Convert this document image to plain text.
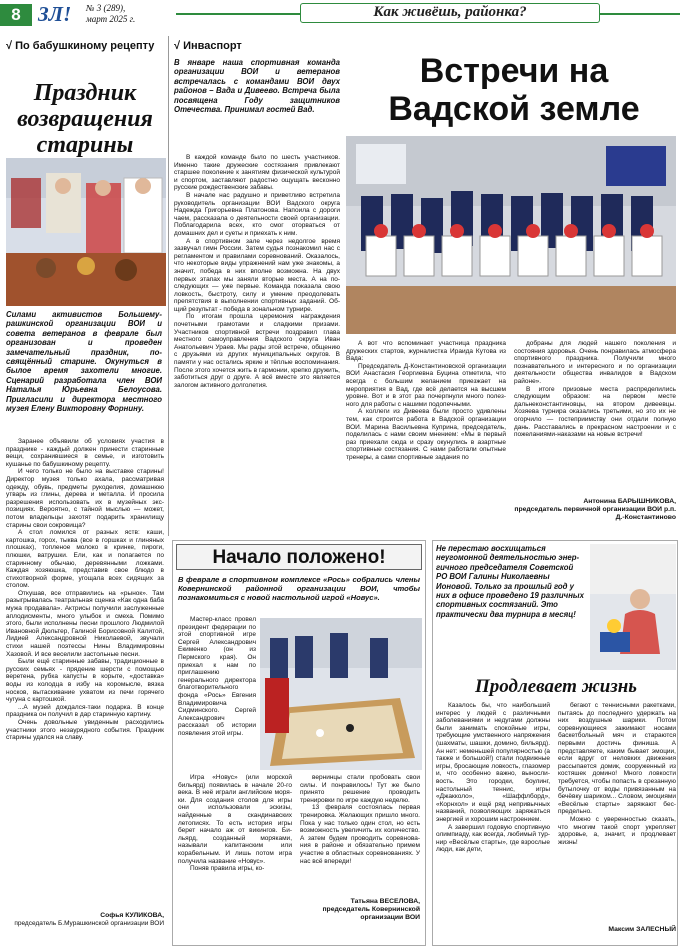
8 ЗЛ! № 3 (289),
март 2025 г.	Как живёшь, районка?
√ По бабушкиному рецепту
Праздник возвращения старины
Силами активистов Большемурашкинской организации ВОИ и совета ветеранов в феврале был организован и проведен замечательный праздник, посвящённый старине. Окунуться в былое время захотели многие. Сценарий разработала член ВОИ Наталья Юрьевна Белоусова. Пригласили и директора местного музея Елену Викторовну Форнину.

Заранее объявили об условиях участия в празднике - каждый должен принести старинные вещи, сохранившиеся в семье, и изготовить кушанье по бабушкиному рецепту.

И чего только не было на выставке старины! Директор музея только ахала, рассматривая одежду, обувь, предметы рукоделия, домашнюю утварь из глины, дерева и металла. И просила разрешения использовать их в музейных экспозициях. Вероятно, с тайной мыслью — может, потом владельцы захотят подарить хранилищу старины свои сокровища?

А стол ломился от разных яств: каши, картошка, горох, тыква (все в горшках и глиняных плошках), топленое молоко в кринке, пироги, плюшки, ватрушки. Ели, как и полагается по старинному обычаю, деревянными ложками. Каждая хозяюшка, представив свое блюдо в стихотворной форме, угощала всех сидящих за столом.

Откушав, все отправились на «рынок». Там разыгрывалась театральная сценка «Как одна баба мужа продавала». Актрисы получили заслуженные аплодисменты, много улыбок и смеха. Помимо этого, были исполнены песни прошлого Людмилой Ивановной Дюльтер, Галиной Борисовной Калитой, Лидией Александровной Николаевой, звучали стихи нашей поэтессы Нины Владимировны Хазовой. И все веселили застольные песни.

Были ещё старинные забавы, традиционные в русских семьях - прядение шерсти с помощью веретена, рубка капусты в корыте, «доставка» воды из колодца в избу на коромысле, вязка носков, вытаскивание ухватом из печи горячего чугуна с картошкой.

...А музей дождался-таки подарка. В конце праздника он получил в дар старинную картину.

Очень довольные увиденным расходились участники этого незаурядного события. Праздник старины удался на славу.

Софья КУЛИКОВА,
председатель Б.Мурашкинской организации ВОИ
√ Инваспорт
В январе наша спортивная команда организации ВОИ и ветеранов встречалась с командами ВОИ двух районов – Вада и Дивеево. Встреча была посвящена Году защитников Отечества. Принимал гостей Вад.
Встречи на Вадской земле

В каждой команде было по шесть участников. Именно такие дружеские состязания привлекают старшее поколение к занятиям физической культурой и спортом, заставляют радостно ощущать весконно русские рождественские забавы.

В начале нас радушно и приветливо встретила руководитель организации ВОИ Вадского округа Надежда Григорьевна Платонова. Напоила с дороги чаем, рассказала о деятельности своей организации. Поблагодарила всех, кто смог оторваться от домашних дел и суеты и приехать к ним.

А в спортивном зале через недолгое время зазвучал гимн России. Затем судья познакомил нас с регламентом и правилами соревнований. Оказалось, что некоторые виды упражнений нам уже знакомы, а значит, победа в них вполне возможна. На двух первых этапах мы заняли вторые места. А на последующих — уже первые. Команда показала свою ловкость, быстроту, силу и умение преодолевать препятствия в выполнении спортивных заданий. Общий результат - победа в зональном турнире.

По итогам прошла церемония награждения почетными грамотами и сладкими призами. Участников спортивной встречи поздравил глава местного самоуправления Вадского округа Иван Анатольевич Ураев. Мы рады этой встрече, общению с друзьями из других муниципальных округов. В памяти у нас остались яркие и тёплые воспоминания. После этого хочется жить в гармонии, крепко дружить, заботиться друг о друге. А всё вместе это является залогом активного долголетия.

А вот что вспоминает участница праздника дружеских стартов, журналистка Ираида Кутова из Вада:

Председатель Д-Константиновской организации ВОИ Анастасия Георгиевна Буцина отметила, что всегда с большим желанием приезжает на мероприятия в Вад, где всё делается на высшем уровне. Вот и в этот раз почерпнули много полезного для работы с нашими подопечными.

А коллеги из Дивеева были просто удивлены тем, как строится работа в Вадской организации ВОИ. Марина Васильевна Куприна, председатель, поделилась с нами своим мнением: «Мы в первый раз приехали сюда и сразу окунулись в азартные спортивные состязания. С нами работали опытные тренеры, а сами спортивные задания по

добраны для людей нашего поколения и состояния здоровья. Очень понравилась атмосфера спортивного праздника. Получили много познавательного и интересного и по организации деятельности общества инвалидов в Вадском районе».

В итоге призовые места распределились следующим образом: на первом месте дальнеконстантиновцы, на втором дивеевцы. Хозяева турнира оказались третьими, но это их не огорчило — гостеприимству они отдали полную дань. Расставались в прекрасном настроении и с пожеланиями-наказами на новые встречи!

Антонина БАРЫШНИКОВА,
председатель первичной организации ВОИ р.п. Д.-Константиново
Начало положено!
В феврале в спортивном комплексе «Рось» собрались члены Ковернинской районной организации ВОИ, чтобы познакомиться с новой настольной игрой «Новус».

Мастер-класс провел президент федерации по этой спортивной игре Сергей Александрович Екименко (он из Пермского края). Он приехал к нам по приглашению генерального директора благотворительного фонда «Рось» Евгения Владимировича Сидминского. Сергей Александрович рассказал об истории появления этой игры.

Игра «Новус» (или морской бильярд) появилась в начале 20-го века. В неё играли английские моряки. Для создания столов для игры они использовали эскизы, найденные в скандинавских летописях. То есть история игры берет начало аж от викингов. Бильярд, созданный моряками, называли капитанским или корабельным. И лишь потом игра получила название «Новус».

Поняв правила игры, ко-

вернинцы стали пробовать свои силы. И понравилось! Тут же было принято решение проводить тренировки по игре каждую неделю.

13 февраля состоялась первая тренировка. Желающих пришло много. Пока у нас только один стол, но есть возможность увеличить их количество. А затем будем проводить соревнования в районе и обязательно примем участие в областных соревнованиях. У нас всё впереди!

Татьяна ВЕСЕЛОВА,
председатель Ковернинской организации ВОИ
Не перестаю восхищаться неугомонной деятельностью энергичного председателя Советской РО ВОИ Галины Николаевны Ионовой. Только за прошлый год у них в офисе проведено 19 различных спортивных состязаний. Это практически два турнира в месяц!
Продлевает жизнь

Казалось бы, что наибольший интерес у людей с различными заболеваниями и недугами должны были занимать спокойные игры, требующие умственного напряжения (шахматы, шашки, домино, бильярд). Ан нет: неменьшей популярностью (а также и большой!) стали подвижные игры, бросающие ловкость, глазомер и, что особенно важно, выносливость. Это городки, боулинг, настольный теннис, игры «Джакколо», «Шаффлборд», «Корнхол» и ещё ряд непривычных названий, позволяющих заряжаться энергией и хорошим настроением.

А завершил годовую спортивную олимпиаду, как всегда, любимый турнир «Весёлые старты», где взрослые люди, как дети,

бегают с теннисными ракетками, пытаясь до последнего удержать на них воздушные шарики. Потом соревнующиеся зажимают носами баскетбольный мяч и стараются первыми достичь финиша. А представляете, каким бывает эмоции, если вдруг от неловких движения рассыпается домик, сооруженный из костяшек домино! Много ловкости требуется, чтобы попасть в срезанную бутылочку от воды привязанным на бечёвку шариком... Словом, эмоциями «Весёлые старты» заряжают беспредельно.

Можно с уверенностью сказать, что многим такой спорт укрепляет здоровье, а, значит, и продлевает жизнь!

Максим ЗАЛЕСНЫЙ
